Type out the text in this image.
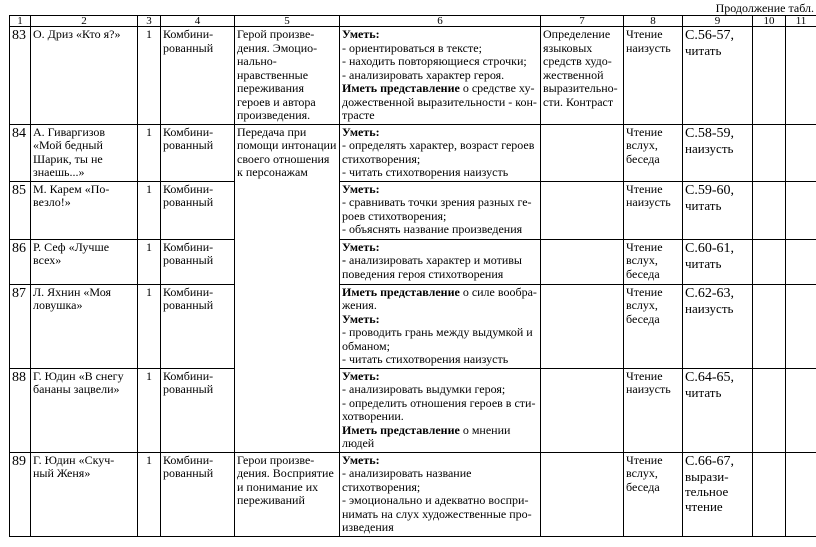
Продолжение табл.
1	2	3	4	5	6	7	8	9	10	11
83	О. Дриз «Кто я?»	1	Комбини-рованный	Герой произве-дения. Эмоцио-нально-нравственные переживания героев и автора произведения.	Уметь:
- ориентироваться в тексте;
- находить повторяющиеся строчки;
- анализировать характер героя.
Иметь представление о средстве ху-дожественной выразительности - кон-трасте	Определение языковых средств худо-жественной выразительно-сти. Контраст	Чтение наизусть	С.56-57,
читать		

84	А. Гиваргизов «Мой бедный Шарик, ты не знаешь...»	1	Комбини-рованный	Передача при помощи интонации своего отношения к персонажам	Уметь:
- определять характер, возраст героев стихотворения;
- читать стихотворения наизусть		Чтение вслух, беседа	С.58-59,
наизусть		

85	М. Карем «По-везло!»	1	Комбини-рованный		Уметь:
- сравнивать точки зрения разных ге-роев стихотворения;
- объяснять название произведения		Чтение наизусть	С.59-60,
читать		

86	Р. Сеф «Лучше всех»	1	Комбини-рованный		Уметь:
- анализировать характер и мотивы поведения героя стихотворения		Чтение вслух, беседа	С.60-61,
читать		

87	Л. Яхнин «Моя ловушка»	1	Комбини-рованный		Иметь представление о силе вообра-жения.
Уметь:
- проводить грань между выдумкой и обманом;
- читать стихотворения наизусть		Чтение вслух, беседа	С.62-63,
наизусть		

88	Г. Юдин «В снегу бананы зацвели»	1	Комбини-рованный		Уметь:
- анализировать выдумки героя;
- определить отношения героев в сти-хотворении.
Иметь представление о мнении людей		Чтение наизусть	С.64-65,
читать		

89	Г. Юдин «Скуч-ный Женя»	1	Комбини-рованный	Герои произве-дения. Восприятие и понимание их переживаний	Уметь:
- анализировать название стихотворения;
- эмоционально и адекватно воспри-нимать на слух художественные про-изведения		Чтение вслух, беседа	С.66-67,
вырази-тельное чтение		
